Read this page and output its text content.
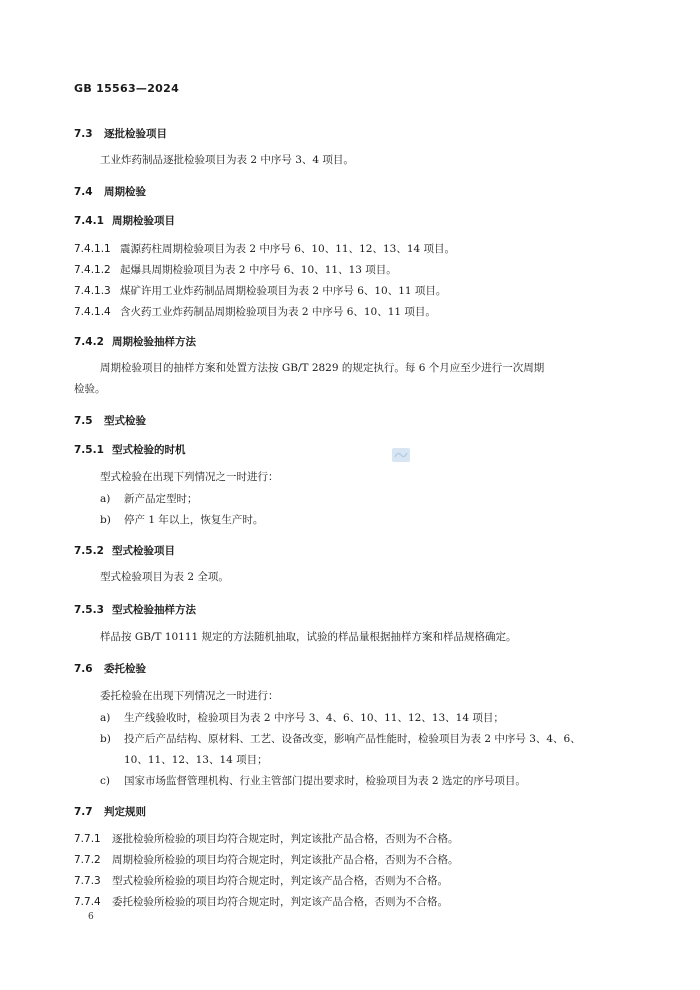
GB 15563—2024
7.3 逐批检验项目
工业炸药制品逐批检验项目为表 2 中序号 3、4 项目。
7.4 周期检验
7.4.1 周期检验项目
7.4.1.1 震源药柱周期检验项目为表 2 中序号 6、10、11、12、13、14 项目。
7.4.1.2 起爆具周期检验项目为表 2 中序号 6、10、11、13 项目。
7.4.1.3 煤矿许用工业炸药制品周期检验项目为表 2 中序号 6、10、11 项目。
7.4.1.4 含火药工业炸药制品周期检验项目为表 2 中序号 6、10、11 项目。
7.4.2 周期检验抽样方法
周期检验项目的抽样方案和处置方法按 GB/T 2829 的规定执行。每 6 个月应至少进行一次周期
检验。
7.5 型式检验
7.5.1 型式检验的时机
型式检验在出现下列情况之一时进行：
a) 新产品定型时；
b) 停产 1 年以上，恢复生产时。
7.5.2 型式检验项目
型式检验项目为表 2 全项。
7.5.3 型式检验抽样方法
样品按 GB/T 10111 规定的方法随机抽取，试验的样品量根据抽样方案和样品规格确定。
7.6 委托检验
委托检验在出现下列情况之一时进行：
a) 生产线验收时，检验项目为表 2 中序号 3、4、6、10、11、12、13、14 项目；
b) 投产后产品结构、原材料、工艺、设备改变，影响产品性能时，检验项目为表 2 中序号 3、4、6、
10、11、12、13、14 项目；
c) 国家市场监督管理机构、行业主管部门提出要求时，检验项目为表 2 选定的序号项目。
7.7 判定规则
7.7.1 逐批检验所检验的项目均符合规定时，判定该批产品合格，否则为不合格。
7.7.2 周期检验所检验的项目均符合规定时，判定该批产品合格，否则为不合格。
7.7.3 型式检验所检验的项目均符合规定时，判定该产品合格，否则为不合格。
7.7.4 委托检验所检验的项目均符合规定时，判定该产品合格，否则为不合格。
6
